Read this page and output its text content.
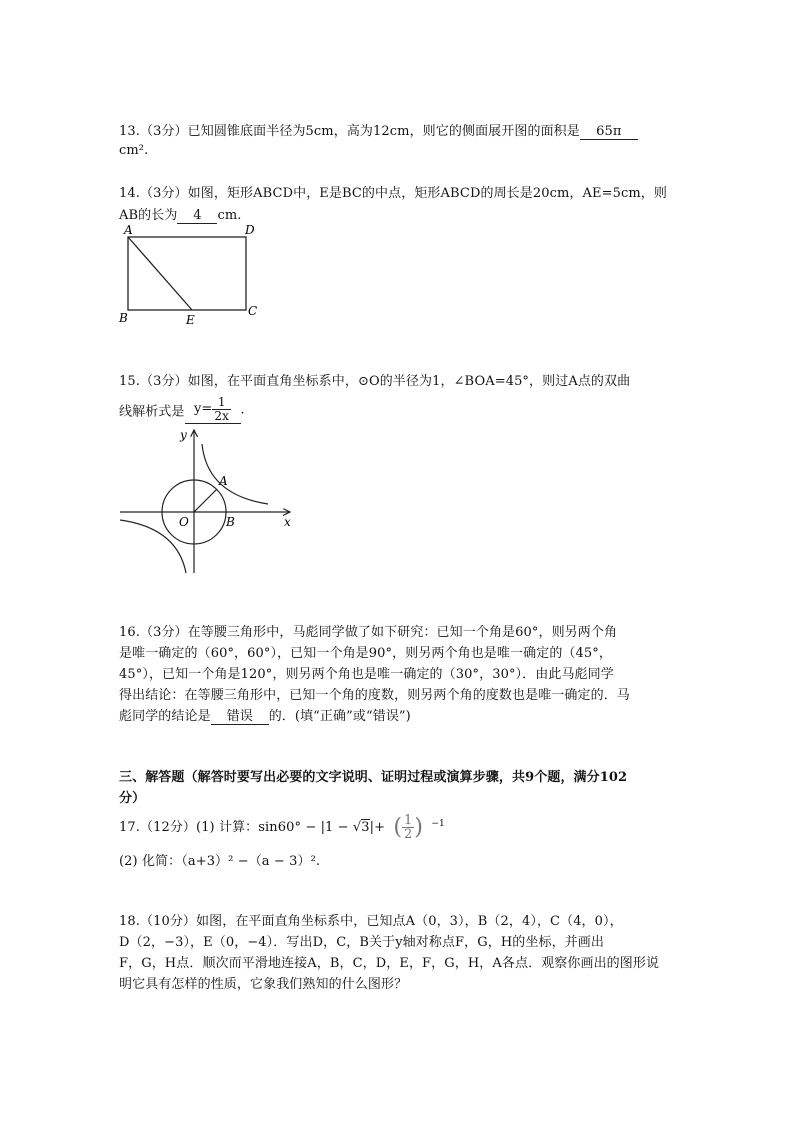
13.（3分）已知圆锥底面半径为5cm，高为12cm，则它的侧面展开图的面积是 65π
cm².
14.（3分）如图，矩形ABCD中，E是BC的中点，矩形ABCD的周长是20cm，AE=5cm，则
AB的长为 4 cm.
A	D
B	E
C
15.（3分）如图，在平面直角坐标系中，⊙O的半径为1，∠BOA=45°，则过A点的双曲
线解析式是 $y= \frac{1}{2x}$ .
y
x
O
A
B
16.（3分）在等腰三角形中，马彪同学做了如下研究：已知一个角是60°，则另两个角
是唯一确定的（60°，60°），已知一个角是90°，则另两个角也是唯一确定的（45°，
45°），已知一个角是120°，则另两个角也是唯一确定的（30°，30°）．由此马彪同学
得出结论：在等腰三角形中，已知一个角的度数，则另两个角的度数也是唯一确定的．马
彪同学的结论是 错误 的．(填“正确”或“错误”)
三、解答题（解答时要写出必要的文字说明、证明过程或演算步骤，共9个题，满分102
分）
17.（12分）(1) 计算：sin60° − |1 − √3|+ ( $\frac{1}{2}$ ) $^{-1}$
(2) 化简：（a+3）² −（a − 3）².
18.（10分）如图，在平面直角坐标系中，已知点A（0，3），B（2，4），C（4，0），
D（2，−3），E（0，−4）．写出D，C，B关于y轴对称点F，G，H的坐标，并画出
F，G，H点．顺次而平滑地连接A，B，C，D，E，F，G，H，A各点．观察你画出的图形说
明它具有怎样的性质，它象我们熟知的什么图形？
